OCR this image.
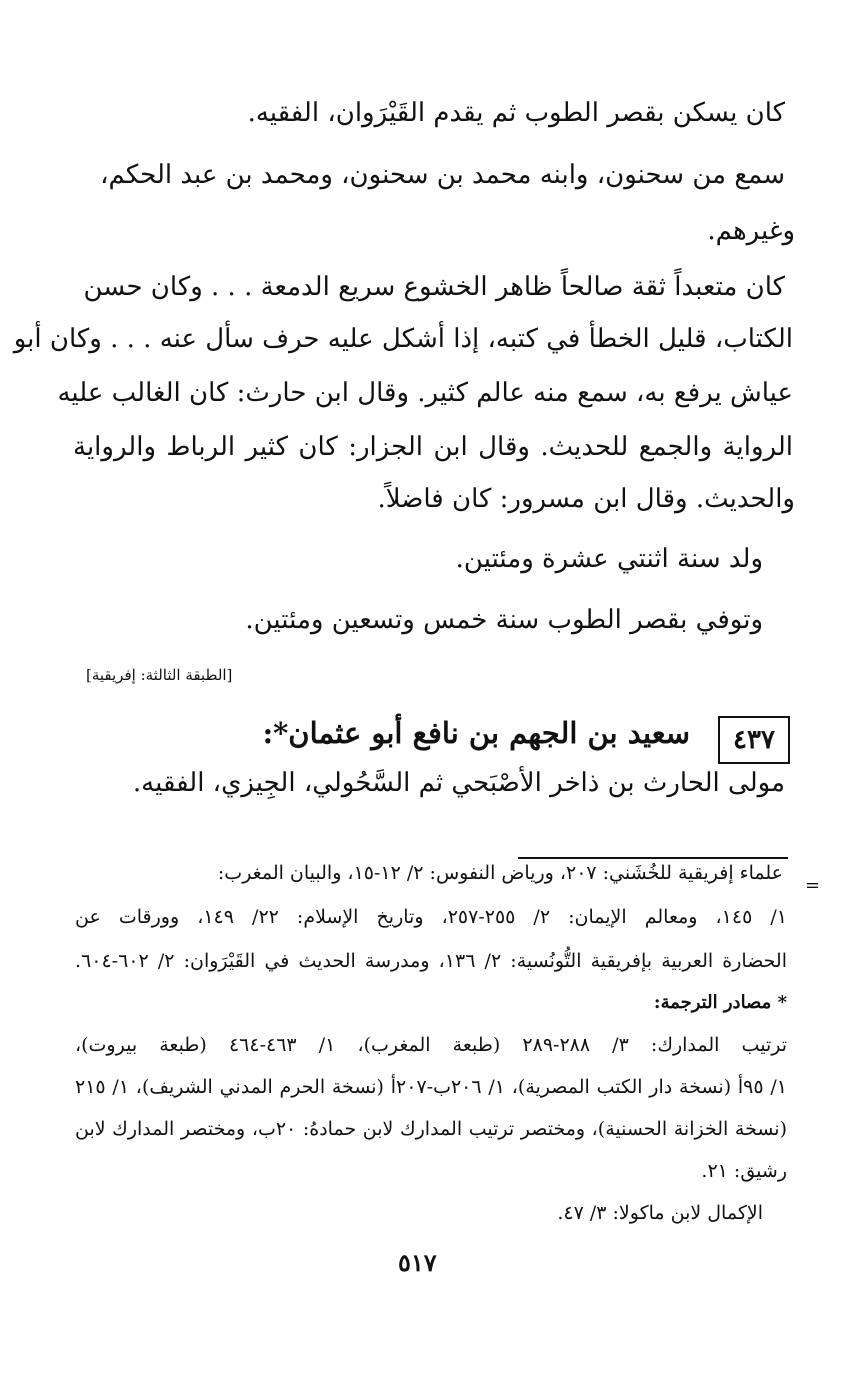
كان يسكن بقصر الطوب ثم يقدم القَيْرَوان، الفقيه.
سمع من سحنون، وابنه محمد بن سحنون، ومحمد بن عبد الحكم،
وغيرهم.
كان متعبداً ثقة صالحاً ظاهر الخشوع سريع الدمعة . . . وكان حسن
الكتاب، قليل الخطأ في كتبه، إذا أشكل عليه حرف سأل عنه . . . وكان أبو
عياش يرفع به، سمع منه عالم كثير. وقال ابن حارث: كان الغالب عليه
الرواية والجمع للحديث. وقال ابن الجزار: كان كثير الرباط والرواية
والحديث. وقال ابن مسرور: كان فاضلاً.
ولد سنة اثنتي عشرة ومئتين.
وتوفي بقصر الطوب سنة خمس وتسعين ومئتين.
[الطبقة الثالثة: إفريقية]
٤٣٧
سعيد بن الجهم بن نافع أبو عثمان*:
مولى الحارث بن ذاخر الأصْبَحي ثم السَّحُولي، الجِيزي، الفقيه.
=
علماء إفريقية للخُشَني: ٢٠٧، ورياض النفوس: ٢/ ١٢-١٥، والبيان المغرب:
١/ ١٤٥، ومعالم الإيمان: ٢/ ٢٥٥-٢٥٧، وتاريخ الإسلام: ٢٢/ ١٤٩، وورقات عن
الحضارة العربية بإفريقية التُّونُسية: ٢/ ١٣٦، ومدرسة الحديث في القَيْرَوان: ٢/ ٦٠٢-٦٠٤.
* مصادر الترجمة:
ترتيب المدارك: ٣/ ٢٨٨-٢٨٩ (طبعة المغرب)، ١/ ٤٦٣-٤٦٤ (طبعة بيروت)،
١/ ٩٥أ (نسخة دار الكتب المصرية)، ١/ ٢٠٦ب-٢٠٧أ (نسخة الحرم المدني الشريف)، ١/ ٢١٥
(نسخة الخزانة الحسنية)، ومختصر ترتيب المدارك لابن حمادهُ: ٢٠ب، ومختصر المدارك لابن
رشيق: ٢١.
الإكمال لابن ماكولا: ٣/ ٤٧.
٥١٧
